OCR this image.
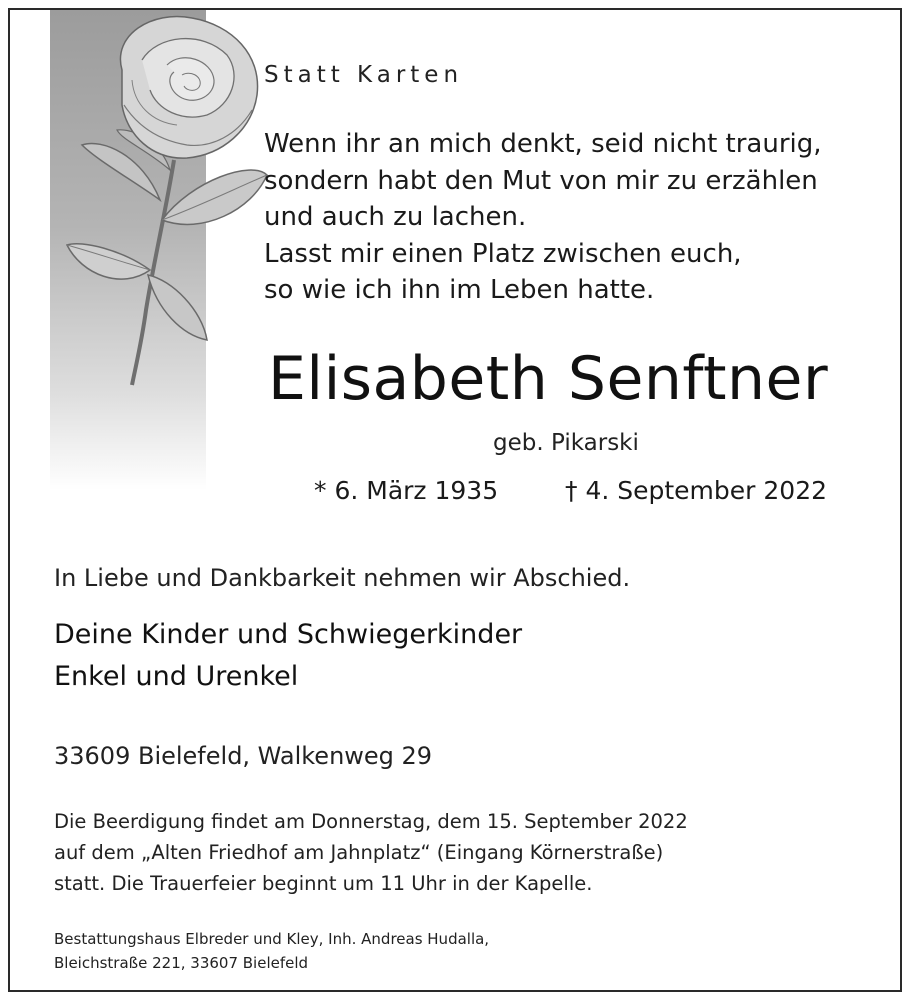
Statt Karten
Wenn ihr an mich denkt, seid nicht traurig,
sondern habt den Mut von mir zu erzählen
und auch zu lachen.
Lasst mir einen Platz zwischen euch,
so wie ich ihn im Leben hatte.
Elisabeth Senftner
geb. Pikarski
* 6. März 1935	† 4. September 2022
In Liebe und Dankbarkeit nehmen wir Abschied.
Deine Kinder und Schwiegerkinder
Enkel und Urenkel
33609 Bielefeld, Walkenweg 29
Die Beerdigung findet am Donnerstag, dem 15. September 2022
auf dem „Alten Friedhof am Jahnplatz“ (Eingang Körnerstraße)
statt. Die Trauerfeier beginnt um 11 Uhr in der Kapelle.
Bestattungshaus Elbreder und Kley, Inh. Andreas Hudalla,
Bleichstraße 221, 33607 Bielefeld
